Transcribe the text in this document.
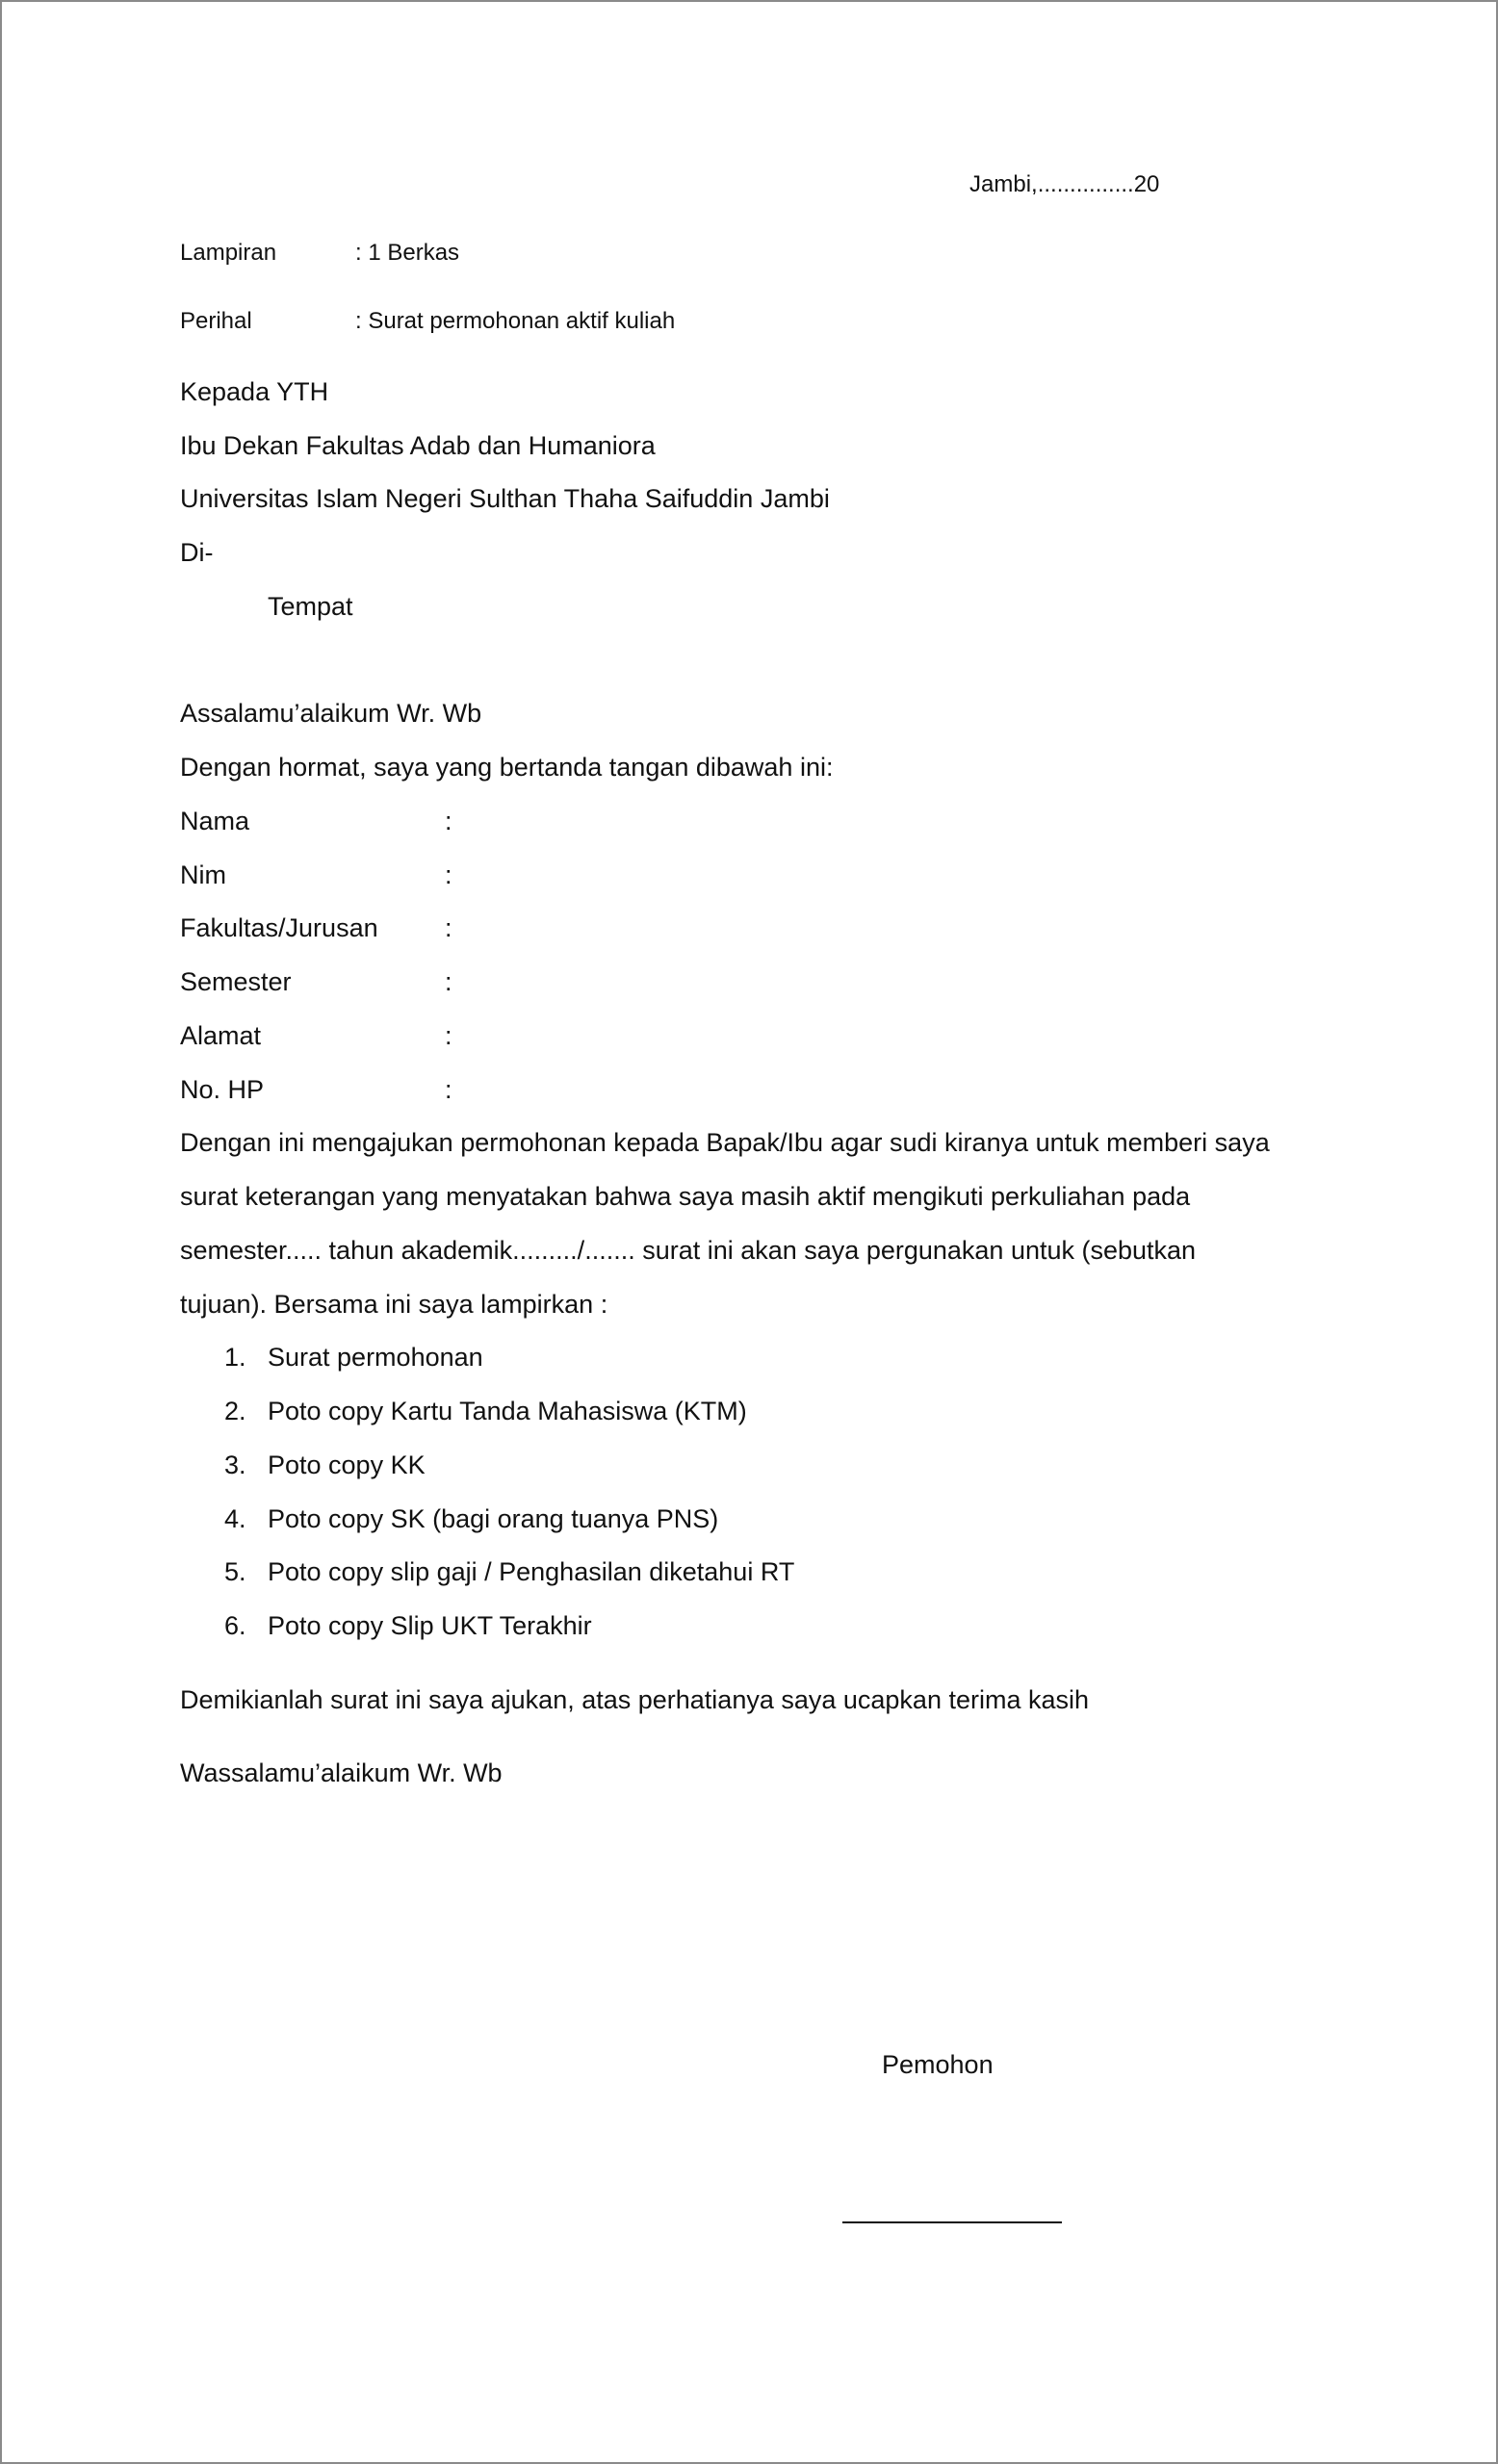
Jambi,...............20
Lampiran	: 1 Berkas
Perihal	: Surat permohonan aktif kuliah
Kepada YTH
Ibu Dekan Fakultas Adab dan Humaniora
Universitas Islam Negeri Sulthan Thaha Saifuddin Jambi
Di-
Tempat
Assalamu’alaikum Wr. Wb
Dengan hormat, saya yang bertanda tangan dibawah ini:
Nama	:
Nim	:
Fakultas/Jurusan	:
Semester	:
Alamat	:
No. HP	:
Dengan ini mengajukan permohonan kepada Bapak/Ibu agar sudi kiranya untuk memberi saya
surat keterangan yang menyatakan bahwa saya masih aktif mengikuti perkuliahan pada
semester..... tahun akademik........./....... surat ini akan saya pergunakan untuk (sebutkan
tujuan). Bersama ini saya lampirkan :
1. Surat permohonan
2. Poto copy Kartu Tanda Mahasiswa (KTM)
3. Poto copy KK
4. Poto copy SK (bagi orang tuanya PNS)
5. Poto copy slip gaji / Penghasilan diketahui RT
6. Poto copy Slip UKT Terakhir
Demikianlah surat ini saya ajukan, atas perhatianya saya ucapkan terima kasih
Wassalamu’alaikum Wr. Wb
Pemohon
